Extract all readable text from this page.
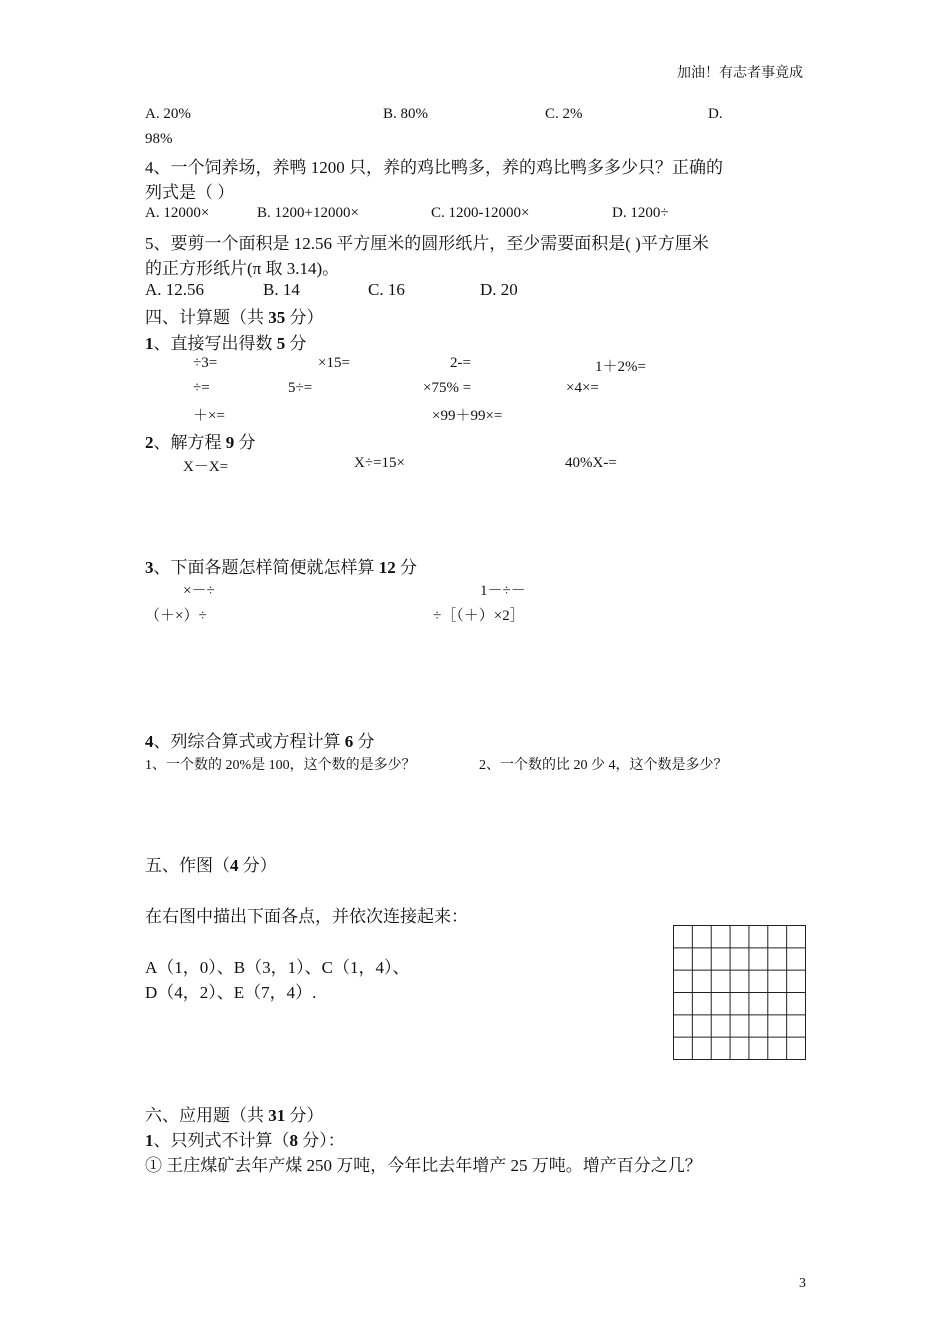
加油！有志者事竟成
A. 20%	B. 80%	C. 2%	D.
98%
4、一个饲养场，养鸭 1200 只，养的鸡比鸭多，养的鸡比鸭多多少只？正确的
列式是（ ）
A. 12000×	B. 1200+12000×	C. 1200-12000×	D. 1200÷
5、要剪一个面积是 12.56 平方厘米的圆形纸片，至少需要面积是( )平方厘米
的正方形纸片(π 取 3.14)。
A. 12.56	B. 14	C. 16	D. 20
四、计算题（共 35 分）
1、直接写出得数 5 分
÷3=	×15=	2-=	1＋2%=
÷=	5÷=	×75% =	×4×=
＋×=	×99＋99×=
2、解方程 9 分
X－X=	X÷=15×	40%X-=
3、下面各题怎样简便就怎样算 12 分
×－÷	1－÷－
（＋×）÷	÷［（＋）×2］
4、列综合算式或方程计算 6 分
1、一个数的 20%是 100，这个数的是多少？	2、一个数的比 20 少 4，这个数是多少？
五、作图（4 分）
在右图中描出下面各点，并依次连接起来：
A（1，0）、B（3，1）、C（1，4）、
D（4，2）、E（7，4）.
六、应用题（共 31 分）
1、只列式不计算（8 分）：
① 王庄煤矿去年产煤 250 万吨，今年比去年增产 25 万吨。增产百分之几？
3
